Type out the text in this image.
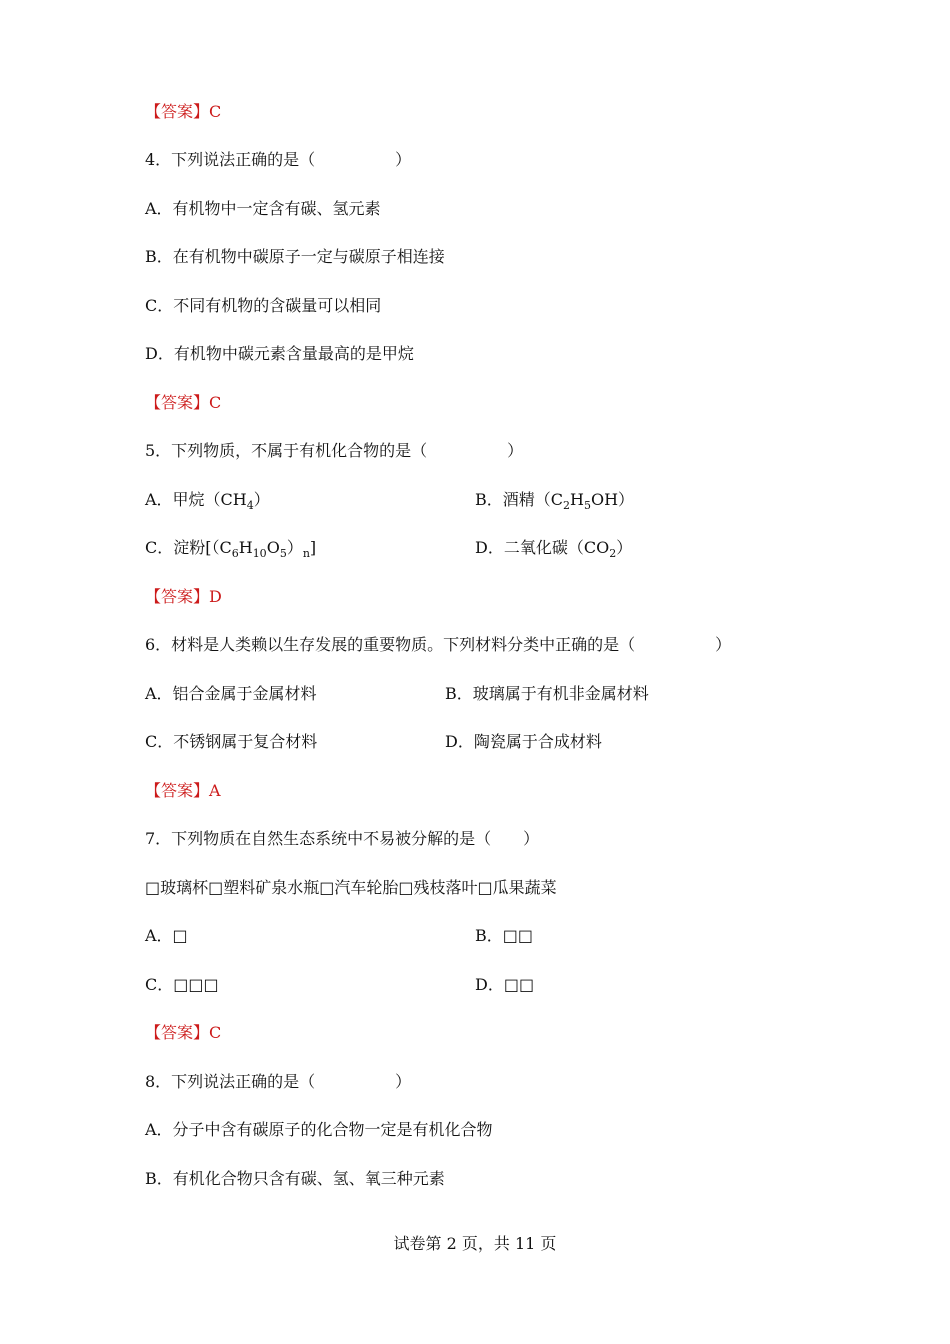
【答案】C
4．下列说法正确的是（　　　　　）
A．有机物中一定含有碳、氢元素
B．在有机物中碳原子一定与碳原子相连接
C．不同有机物的含碳量可以相同
D．有机物中碳元素含量最高的是甲烷
【答案】C
5．下列物质，不属于有机化合物的是（　　　　　）
A．甲烷$(CH_4)$	B．酒精$(C_2H_5OH)$
C．淀粉$[(C_6H_{10}O_5)_n]$	D．二氧化碳$(CO_2)$
【答案】D
6．材料是人类赖以生存发展的重要物质。下列材料分类中正确的是（　　　　　）
A．铝合金属于金属材料	B．玻璃属于有机非金属材料
C．不锈钢属于复合材料	D．陶瓷属于合成材料
【答案】A
7．下列物质在自然生态系统中不易被分解的是（　　）
□玻璃杯□塑料矿泉水瓶□汽车轮胎□残枝落叶□瓜果蔬菜
A．□	B．□□
C．□□□	D．□□
【答案】C
8．下列说法正确的是（　　　　　）
A．分子中含有碳原子的化合物一定是有机化合物
B．有机化合物只含有碳、氢、氧三种元素
试卷第 2 页，共 11 页
